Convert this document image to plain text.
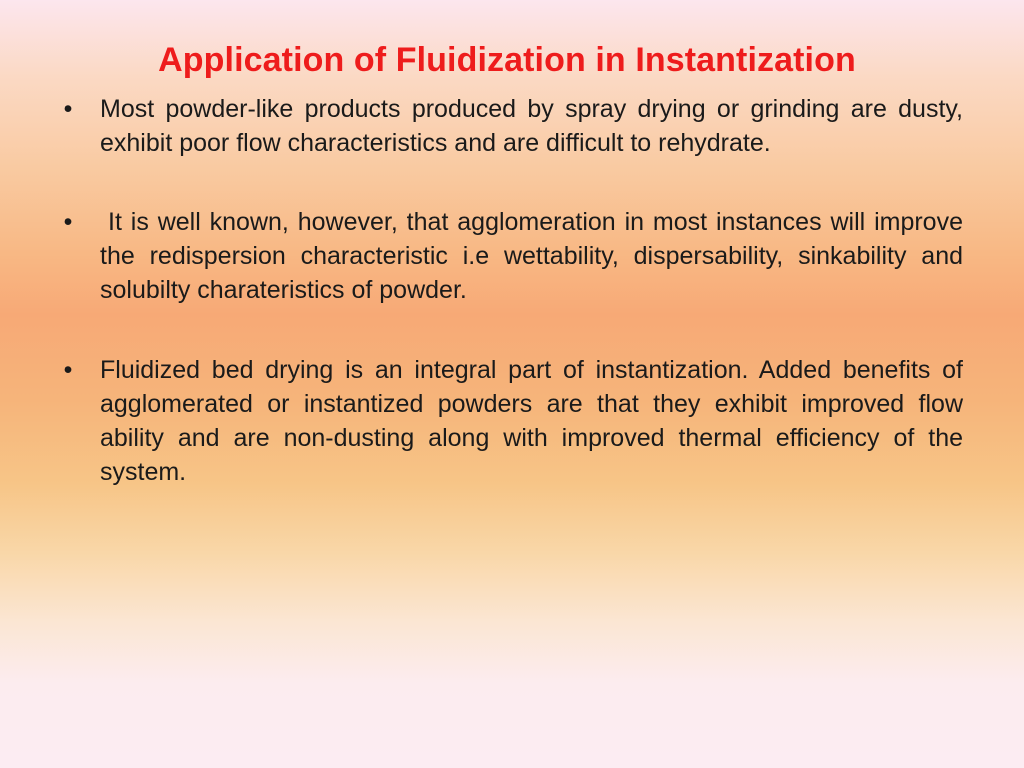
Application of Fluidization in Instantization
• Most powder-like products produced by spray drying or grinding are dusty, exhibit poor flow characteristics and are difficult to rehydrate.
•	It is well known, however, that agglomeration in most instances will improve the redispersion characteristic i.e wettability, dispersability, sinkability and solubilty charateristics of powder.
• Fluidized bed drying is an integral part of instantization. Added benefits of agglomerated or instantized powders are that they exhibit improved flow ability and are non-dusting along with improved thermal efficiency of the system.
